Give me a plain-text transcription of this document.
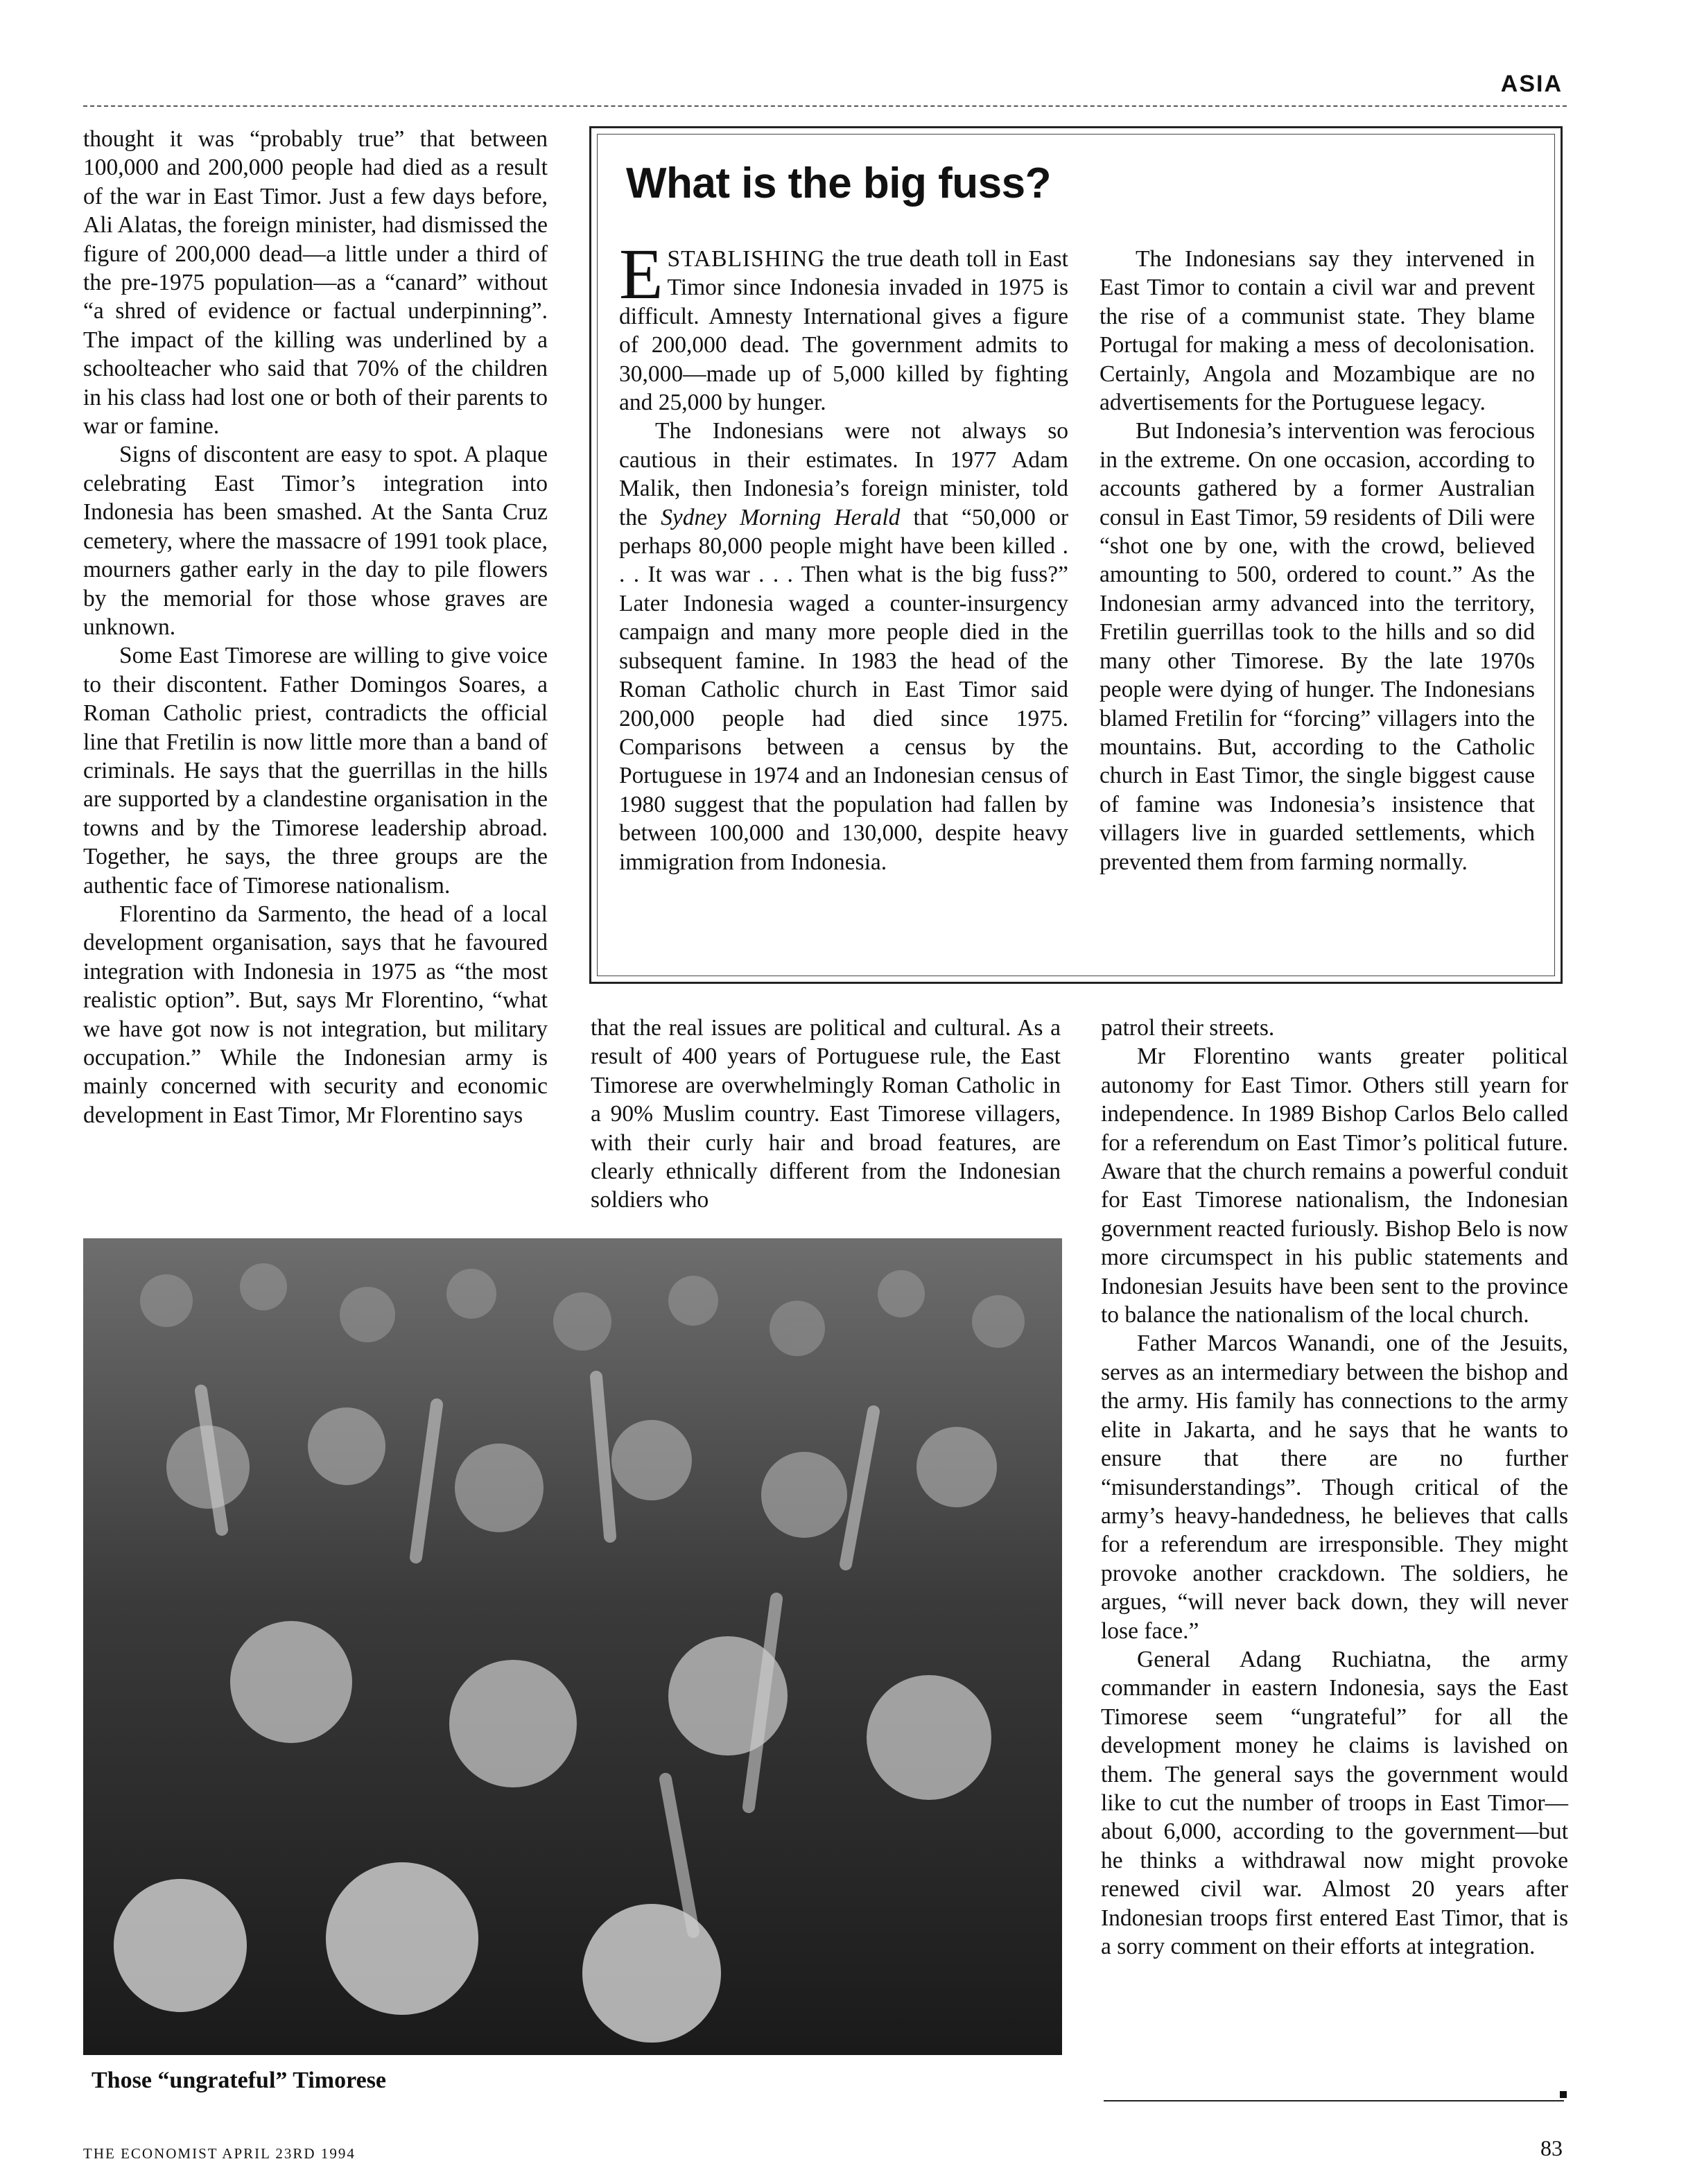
ASIA

thought it was “probably true” that between 100,000 and 200,000 people had died as a result of the war in East Timor. Just a few days before, Ali Alatas, the foreign minister, had dismissed the figure of 200,000 dead—a little under a third of the pre-1975 population—as a “canard” without “a shred of evidence or factual underpinning”. The impact of the killing was underlined by a schoolteacher who said that 70% of the children in his class had lost one or both of their parents to war or famine.

Signs of discontent are easy to spot. A plaque celebrating East Timor’s integration into Indonesia has been smashed. At the Santa Cruz cemetery, where the massacre of 1991 took place, mourners gather early in the day to pile flowers by the memorial for those whose graves are unknown.

Some East Timorese are willing to give voice to their discontent. Father Domingos Soares, a Roman Catholic priest, contradicts the official line that Fretilin is now little more than a band of criminals. He says that the guerrillas in the hills are supported by a clandestine organisation in the towns and by the Timorese leadership abroad. Together, he says, the three groups are the authentic face of Timorese nationalism.

Florentino da Sarmento, the head of a local development organisation, says that he favoured integration with Indonesia in 1975 as “the most realistic option”. But, says Mr Florentino, “what we have got now is not integration, but military occupation.” While the Indonesian army is mainly concerned with security and economic development in East Timor, Mr Florentino says

What is the big fuss?

ESTABLISHING the true death toll in East Timor since Indonesia invaded in 1975 is difficult. Amnesty International gives a figure of 200,000 dead. The government admits to 30,000—made up of 5,000 killed by fighting and 25,000 by hunger.

The Indonesians were not always so cautious in their estimates. In 1977 Adam Malik, then Indonesia’s foreign minister, told the Sydney Morning Herald that “50,000 or perhaps 80,000 people might have been killed . . . It was war . . . Then what is the big fuss?” Later Indonesia waged a counter-insurgency campaign and many more people died in the subsequent famine. In 1983 the head of the Roman Catholic church in East Timor said 200,000 people had died since 1975. Comparisons between a census by the Portuguese in 1974 and an Indonesian census of 1980 suggest that the population had fallen by between 100,000 and 130,000, despite heavy immigration from Indonesia.

The Indonesians say they intervened in East Timor to contain a civil war and prevent the rise of a communist state. They blame Portugal for making a mess of decolonisation. Certainly, Angola and Mozambique are no advertisements for the Portuguese legacy.

But Indonesia’s intervention was ferocious in the extreme. On one occasion, according to accounts gathered by a former Australian consul in East Timor, 59 residents of Dili were “shot one by one, with the crowd, believed amounting to 500, ordered to count.” As the Indonesian army advanced into the territory, Fretilin guerrillas took to the hills and so did many other Timorese. By the late 1970s people were dying of hunger. The Indonesians blamed Fretilin for “forcing” villagers into the mountains. But, according to the Catholic church in East Timor, the single biggest cause of famine was Indonesia’s insistence that villagers live in guarded settlements, which prevented them from farming normally.

that the real issues are political and cultural. As a result of 400 years of Portuguese rule, the East Timorese are overwhelmingly Roman Catholic in a 90% Muslim country. East Timorese villagers, with their curly hair and broad features, are clearly ethnically different from the Indonesian soldiers who

patrol their streets.

Mr Florentino wants greater political autonomy for East Timor. Others still yearn for independence. In 1989 Bishop Carlos Belo called for a referendum on East Timor’s political future. Aware that the church remains a powerful conduit for East Timorese nationalism, the Indonesian government reacted furiously. Bishop Belo is now more circumspect in his public statements and Indonesian Jesuits have been sent to the province to balance the nationalism of the local church.

Father Marcos Wanandi, one of the Jesuits, serves as an intermediary between the bishop and the army. His family has connections to the army elite in Jakarta, and he says that he wants to ensure that there are no further “misunderstandings”. Though critical of the army’s heavy-handedness, he believes that calls for a referendum are irresponsible. They might provoke another crackdown. The soldiers, he argues, “will never back down, they will never lose face.”

General Adang Ruchiatna, the army commander in eastern Indonesia, says the East Timorese seem “ungrateful” for all the development money he claims is lavished on them. The general says the government would like to cut the number of troops in East Timor—about 6,000, according to the government—but he thinks a withdrawal now might provoke renewed civil war. Almost 20 years after Indonesian troops first entered East Timor, that is a sorry comment on their efforts at integration.

Those “ungrateful” Timorese
THE ECONOMIST APRIL 23RD 1994	83
